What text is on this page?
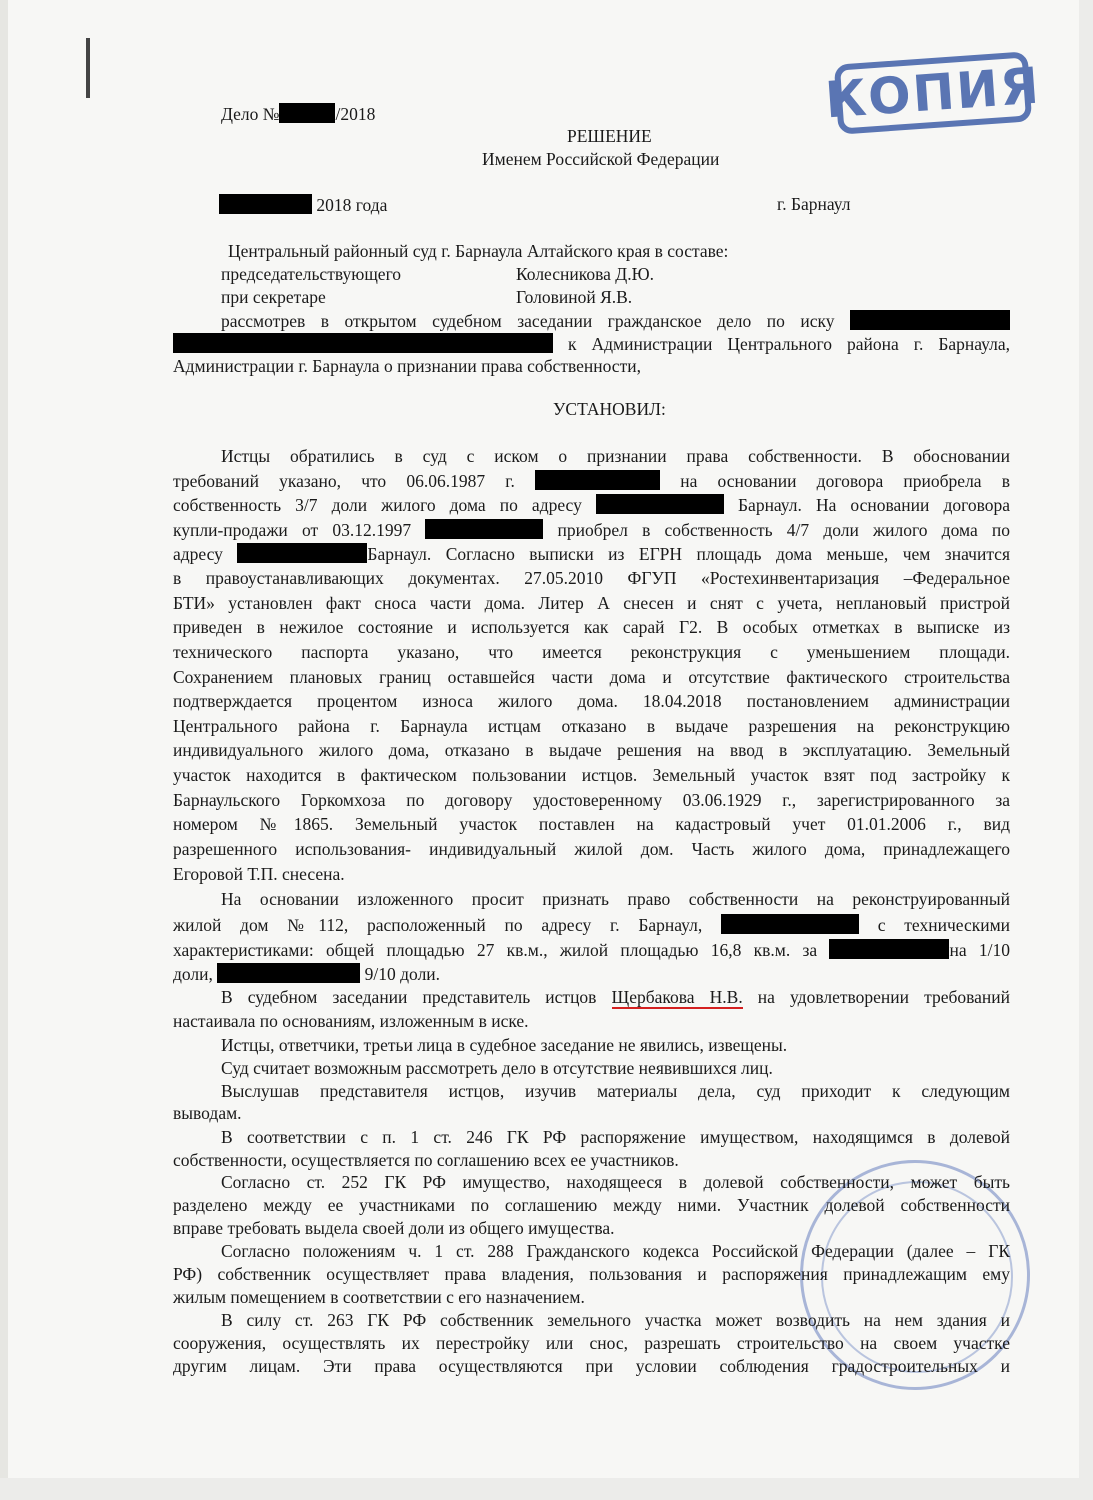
КОПИЯ
Дело №	/2018
РЕШЕНИЕ
Именем Российской Федерации
2018 года	г. Барнаул
Центральный районный суд г. Барнаула Алтайского края в составе:
председательствующего	Колесникова Д.Ю.
при секретаре	Головиной Я.В.
рассмотрев в открытом судебном заседании гражданское дело по иску
к Администрации Центрального района г. Барнаула,
Администрации г. Барнаула о признании права собственности,
УСТАНОВИЛ:
Истцы обратились в суд с иском о признании права собственности. В обосновании
требований указано, что 06.06.1987 г.	на основании договора приобрела в
собственность 3/7 доли жилого дома по адресу	Барнаул. На основании договора
купли-продажи от 03.12.1997	приобрел в собственность 4/7 доли жилого дома по
адресу	Барнаул. Согласно выписки из ЕГРН площадь дома меньше, чем значится
в правоустанавливающих документах. 27.05.2010 ФГУП «Ростехинвентаризация –Федеральное
БТИ» установлен факт сноса части дома. Литер А снесен и снят с учета, неплановый пристрой
приведен в нежилое состояние и используется как сарай Г2. В особых отметках в выписке из
технического паспорта указано, что имеется реконструкция с уменьшением площади.
Сохранением плановых границ оставшейся части дома и отсутствие фактического строительства
подтверждается процентом износа жилого дома. 18.04.2018 постановлением администрации
Центрального района г. Барнаула истцам отказано в выдаче разрешения на реконструкцию
индивидуального жилого дома, отказано в выдаче решения на ввод в эксплуатацию. Земельный
участок находится в фактическом пользовании истцов. Земельный участок взят под застройку к
Барнаульского Горкомхоза по договору удостоверенному 03.06.1929 г., зарегистрированного за
номером №1865. Земельный участок поставлен на кадастровый учет 01.01.2006 г., вид
разрешенного использования- индивидуальный жилой дом. Часть жилого дома, принадлежащего
Егоровой Т.П. снесена.
На основании изложенного просит признать право собственности на реконструированный
жилой дом №112, расположенный по адресу г. Барнаул,	с техническими
характеристиками: общей площадью 27 кв.м., жилой площадью 16,8 кв.м. за	на 1/10
доли,	9/10 доли.
В судебном заседании представитель истцов Щербакова Н.В. на удовлетворении требований
настаивала по основаниям, изложенным в иске.
Истцы, ответчики, третьи лица в судебное заседание не явились, извещены.
Суд считает возможным рассмотреть дело в отсутствие неявившихся лиц.
Выслушав представителя истцов, изучив материалы дела, суд приходит к следующим
выводам.
В соответствии с п. 1 ст. 246 ГК РФ распоряжение имуществом, находящимся в долевой
собственности, осуществляется по соглашению всех ее участников.
Согласно ст. 252 ГК РФ имущество, находящееся в долевой собственности, может быть
разделено между ее участниками по соглашению между ними. Участник долевой собственности
вправе требовать выдела своей доли из общего имущества.
Согласно положениям ч. 1 ст. 288 Гражданского кодекса Российской Федерации (далее – ГК
РФ) собственник осуществляет права владения, пользования и распоряжения принадлежащим ему
жилым помещением в соответствии с его назначением.
В силу ст. 263 ГК РФ собственник земельного участка может возводить на нем здания и
сооружения, осуществлять их перестройку или снос, разрешать строительство на своем участке
другим лицам. Эти права осуществляются при условии соблюдения градостроительных и
